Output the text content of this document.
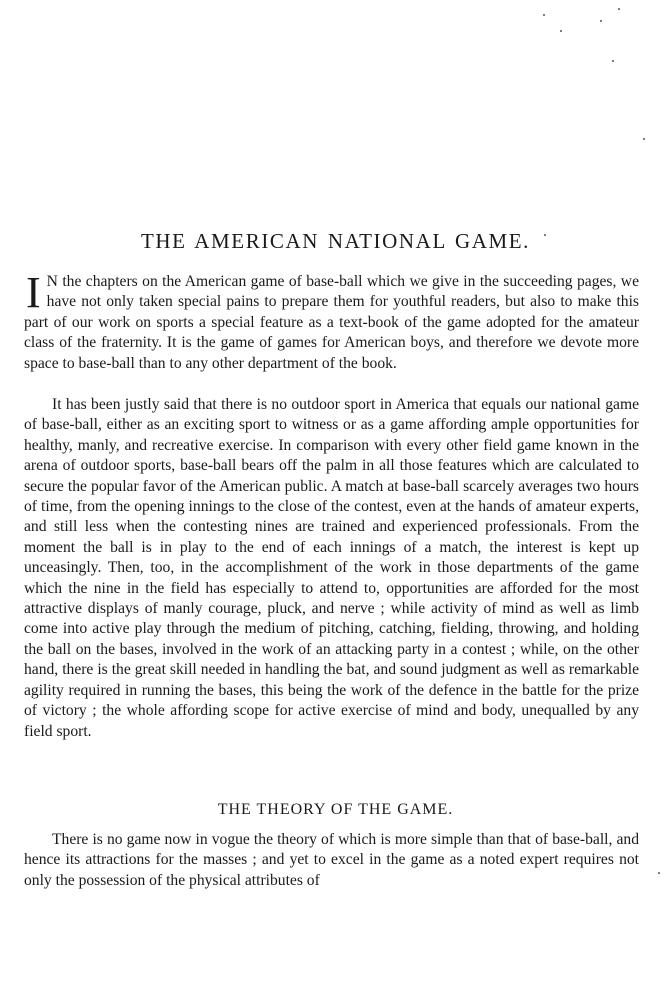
THE AMERICAN NATIONAL GAME.

I N the chapters on the American game of base-ball which we give in the succeeding pages, we have not only taken special pains to prepare them for youthful readers, but also to make this part of our work on sports a special feature as a text-book of the game adopted for the amateur class of the fraternity. It is the game of games for American boys, and therefore we devote more space to base-ball than to any other department of the book.

It has been justly said that there is no outdoor sport in America that equals our national game of base-ball, either as an exciting sport to witness or as a game affording ample opportunities for healthy, manly, and recreative exercise. In comparison with every other field game known in the arena of outdoor sports, base-ball bears off the palm in all those features which are calculated to secure the popular favor of the American public. A match at base-ball scarcely averages two hours of time, from the opening innings to the close of the contest, even at the hands of amateur experts, and still less when the contesting nines are trained and experienced professionals. From the moment the ball is in play to the end of each innings of a match, the interest is kept up unceasingly. Then, too, in the accomplishment of the work in those departments of the game which the nine in the field has especially to attend to, opportunities are afforded for the most attractive displays of manly courage, pluck, and nerve ; while activity of mind as well as limb come into active play through the medium of pitching, catching, fielding, throwing, and holding the ball on the bases, involved in the work of an attacking party in a contest ; while, on the other hand, there is the great skill needed in handling the bat, and sound judgment as well as remarkable agility required in running the bases, this being the work of the defence in the battle for the prize of victory ; the whole affording scope for active exercise of mind and body, unequalled by any field sport.

THE THEORY OF THE GAME.

There is no game now in vogue the theory of which is more simple than that of base-ball, and hence its attractions for the masses ; and yet to excel in the game as a noted expert requires not only the possession of the physical attributes of
